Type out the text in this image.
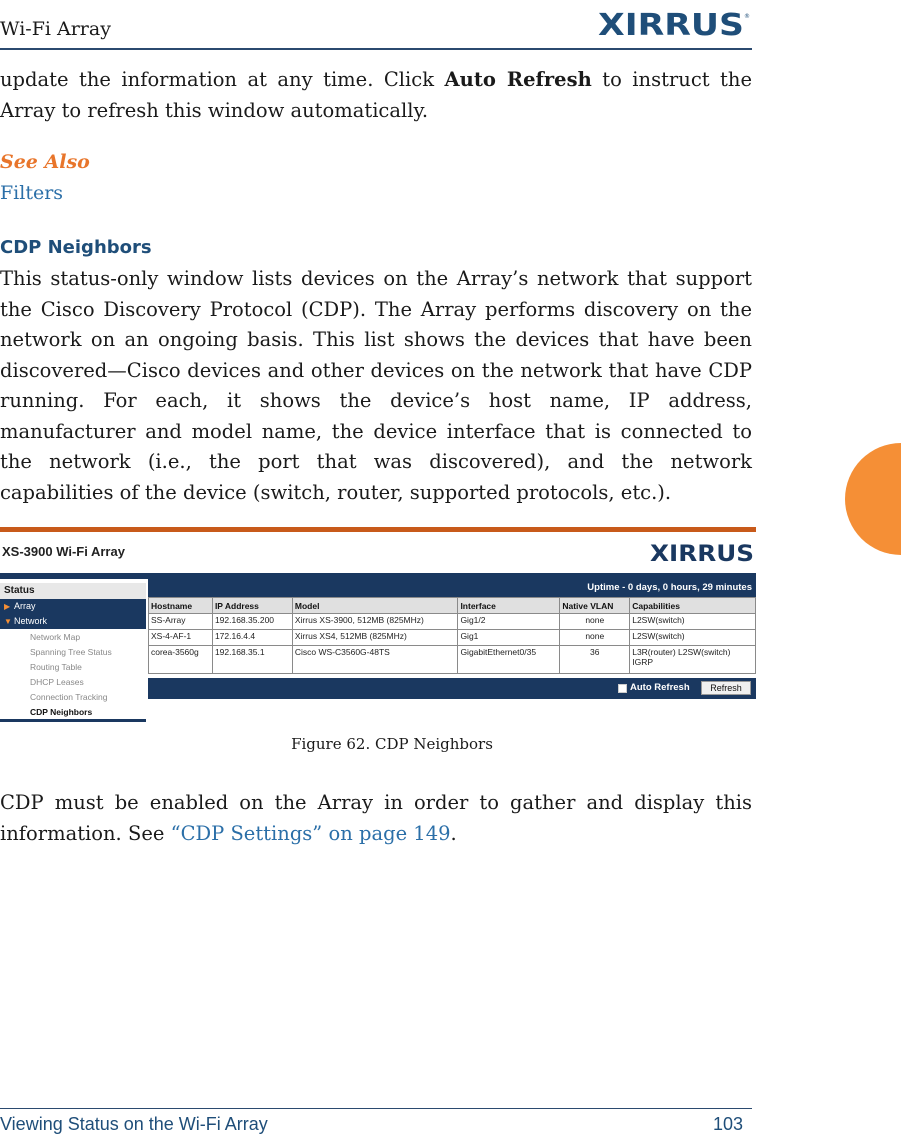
Wi-Fi Array	XIRRUS ®
update the information at any time. Click Auto Refresh to instruct the Array to refresh this window automatically.
See Also
Filters
CDP Neighbors
This status-only window lists devices on the Array’s network that support the Cisco Discovery Protocol (CDP). The Array performs discovery on the network on an ongoing basis. This list shows the devices that have been discovered—Cisco devices and other devices on the network that have CDP running. For each, it shows the device’s host name, IP address, manufacturer and model name, the device interface that is connected to the network (i.e., the port that was discovered), and the network capabilities of the device (switch, router, supported protocols, etc.).
XS-3900 Wi-Fi Array	XIRRUS
Status
▶ Array
▼ Network
Network Map
Spanning Tree Status
Routing Table
DHCP Leases
Connection Tracking
CDP Neighbors
Uptime - 0 days, 0 hours, 29 minutes
Hostname	IP Address	Model	Interface	Native VLAN	Capabilities
SS-Array	192.168.35.200	Xirrus XS-3900, 512MB (825MHz)	Gig1/2	none	L2SW(switch)
XS-4-AF-1	172.16.4.4	Xirrus XS4, 512MB (825MHz)	Gig1	none	L2SW(switch)
corea-3560g	192.168.35.1	Cisco WS-C3560G-48TS	GigabitEthernet0/35	36	L3R(router) L2SW(switch) IGRP
Auto Refresh	Refresh
Figure 62. CDP Neighbors
CDP must be enabled on the Array in order to gather and display this information. See “CDP Settings” on page 149.
Viewing Status on the Wi-Fi Array	103
